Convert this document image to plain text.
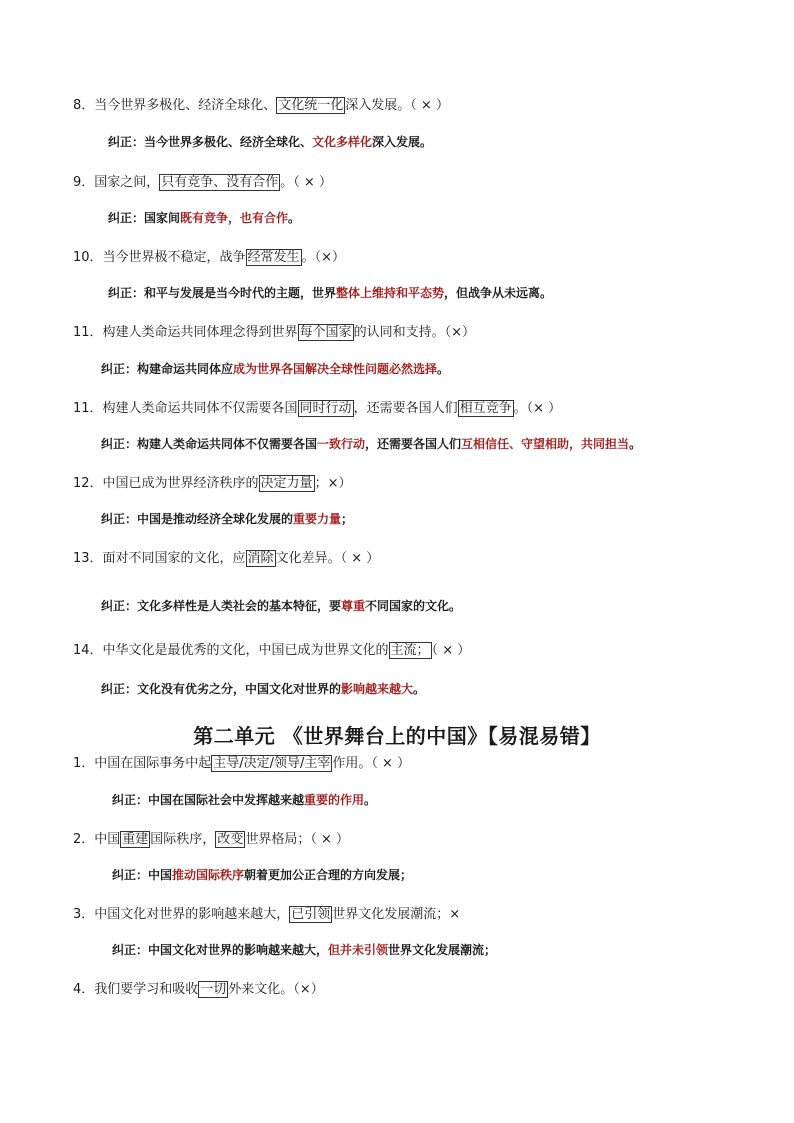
8．当今世界多极化、经济全球化、 文化统一化 深入发展。（ × ）
纠正：当今世界多极化、经济全球化、文化多样化深入发展。
9．国家之间， 只有竞争、没有合作 。（ × ）
纠正：国家间既有竞争，也有合作。
10．当今世界极不稳定，战争 经常发生 。（×）
纠正：和平与发展是当今时代的主题，世界整体上维持和平态势，但战争从未远离。
11．构建人类命运共同体理念得到世界 每个国家 的认同和支持。（×）
纠正：构建命运共同体应成为世界各国解决全球性问题必然选择。
11．构建人类命运共同体不仅需要各国 同时行动 ，还需要各国人们 相互竞争 。（× ）
纠正：构建人类命运共同体不仅需要各国一致行动，还需要各国人们互相信任、守望相助，共同担当。
12．中国已成为世界经济秩序的 决定力量 ；×）
纠正：中国是推动经济全球化发展的重要力量；
13．面对不同国家的文化，应 消除 文化差异。（ × ）
纠正：文化多样性是人类社会的基本特征，要尊重不同国家的文化。
14．中华文化是最优秀的文化，中国已成为世界文化的 主流； （ × ）
纠正：文化没有优劣之分，中国文化对世界的影响越来越大。
第二单元 《世界舞台上的中国》【易混易错】
1．中国在国际事务中起 主导/决定/领导/主宰 作用。（ × ）
纠正：中国在国际社会中发挥越来越重要的作用。
2．中国 重建 国际秩序， 改变 世界格局；（ × ）
纠正：中国推动国际秩序朝着更加公正合理的方向发展；
3．中国文化对世界的影响越来越大， 已引领 世界文化发展潮流；×
纠正：中国文化对世界的影响越来越大，但并未引领世界文化发展潮流；
4．我们要学习和吸收 一切 外来文化。（×）
